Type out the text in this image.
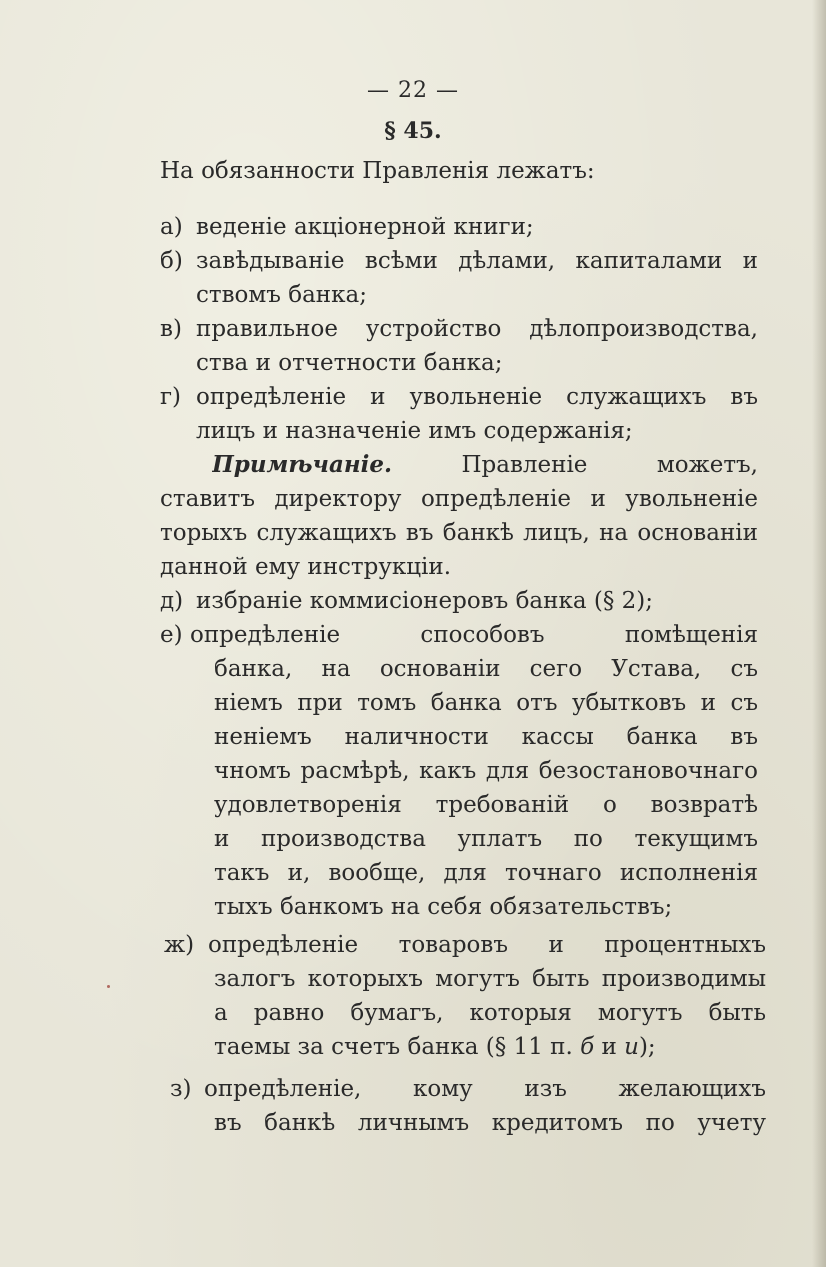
— 22 —
§ 45.
На обязанности Правленія лежатъ:
а) веденіе акціонерной книги;
б) завѣдываніе всѣми дѣлами, капиталами и
ствомъ банка;
в) правильное устройство дѣлопроизводства,
ства и отчетности банка;
г) опредѣленіе и увольненіе служащихъ въ
лицъ и назначеніе имъ содержанія;
Примѣчаніе.	Правленіе можетъ,
ставитъ директору опредѣленіе и увольненіе
торыхъ служащихъ въ банкѣ лицъ, на основаніи
данной ему инструкціи.
д) избраніе коммисіонеровъ банка (§ 2);
е) опредѣленіе способовъ помѣщенія
банка, на основаніи сего Устава, съ
ніемъ при томъ банка отъ убытковъ и съ
неніемъ наличности кассы банка въ
чномъ расмѣрѣ, какъ для безостановочнаго
удовлетворенія требованій о возвратѣ
и производства уплатъ по текущимъ
такъ и, вообще, для точнаго исполненія
тыхъ банкомъ на себя обязательствъ;
ж) опредѣленіе товаровъ и процентныхъ
залогъ которыхъ могутъ быть производимы
а равно бумагъ, которыя могутъ быть
таемы за счетъ банка (§ 11 п. б и и);
з) опредѣленіе, кому изъ желающихъ
въ банкѣ личнымъ кредитомъ по учету
